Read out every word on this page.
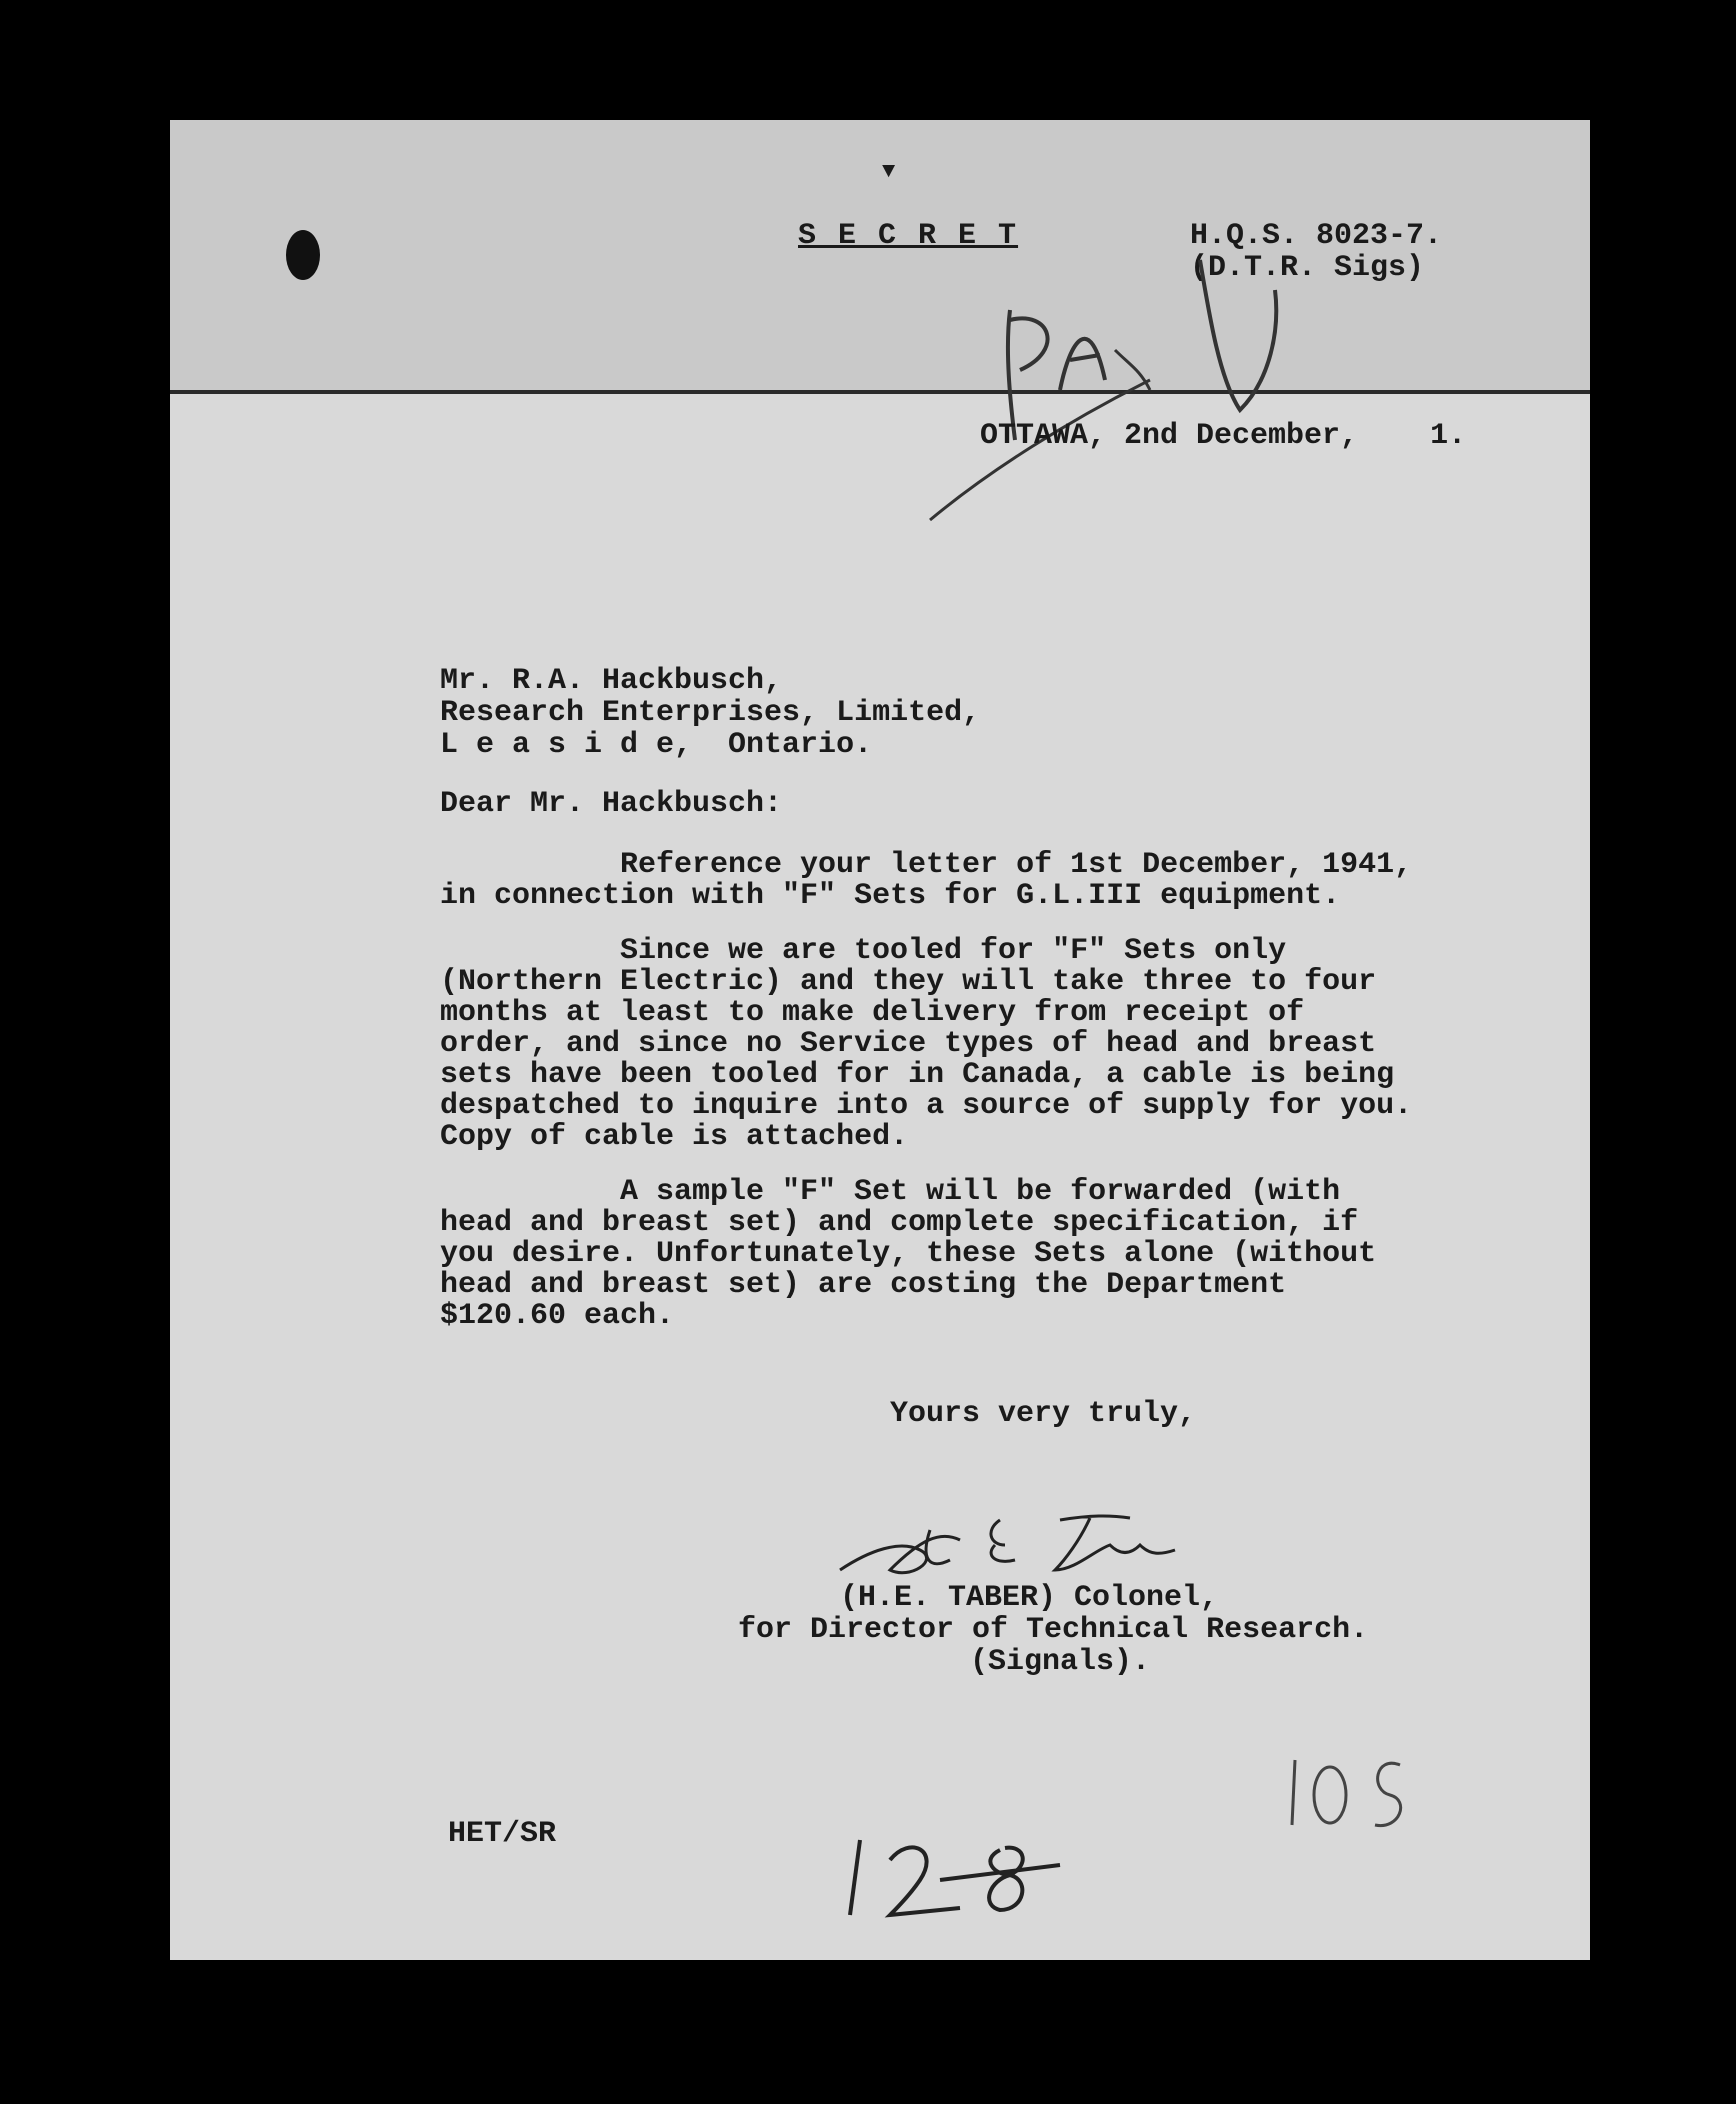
▼
S E C R E T	H.Q.S. 8023-7.
(D.T.R. Sigs)
OTTAWA, 2nd December,    1.
Mr. R.A. Hackbusch,
Research Enterprises, Limited,
L e a s i d e,  Ontario.
Dear Mr. Hackbusch:

Reference your letter of 1st December, 1941, in connection with "F" Sets for G.L.III equipment.

Since we are tooled for "F" Sets only (Northern Electric) and they will take three to four months at least to make delivery from receipt of order, and since no Service types of head and breast sets have been tooled for in Canada, a cable is being despatched to inquire into a source of supply for you. Copy of cable is attached.

A sample "F" Set will be forwarded (with head and breast set) and complete specification, if you desire. Unfortunately, these Sets alone (without head and breast set) are costing the Department $120.60 each.

Yours very truly,
(H.E. TABER) Colonel,
for Director of Technical Research.
(Signals).
HET/SR
